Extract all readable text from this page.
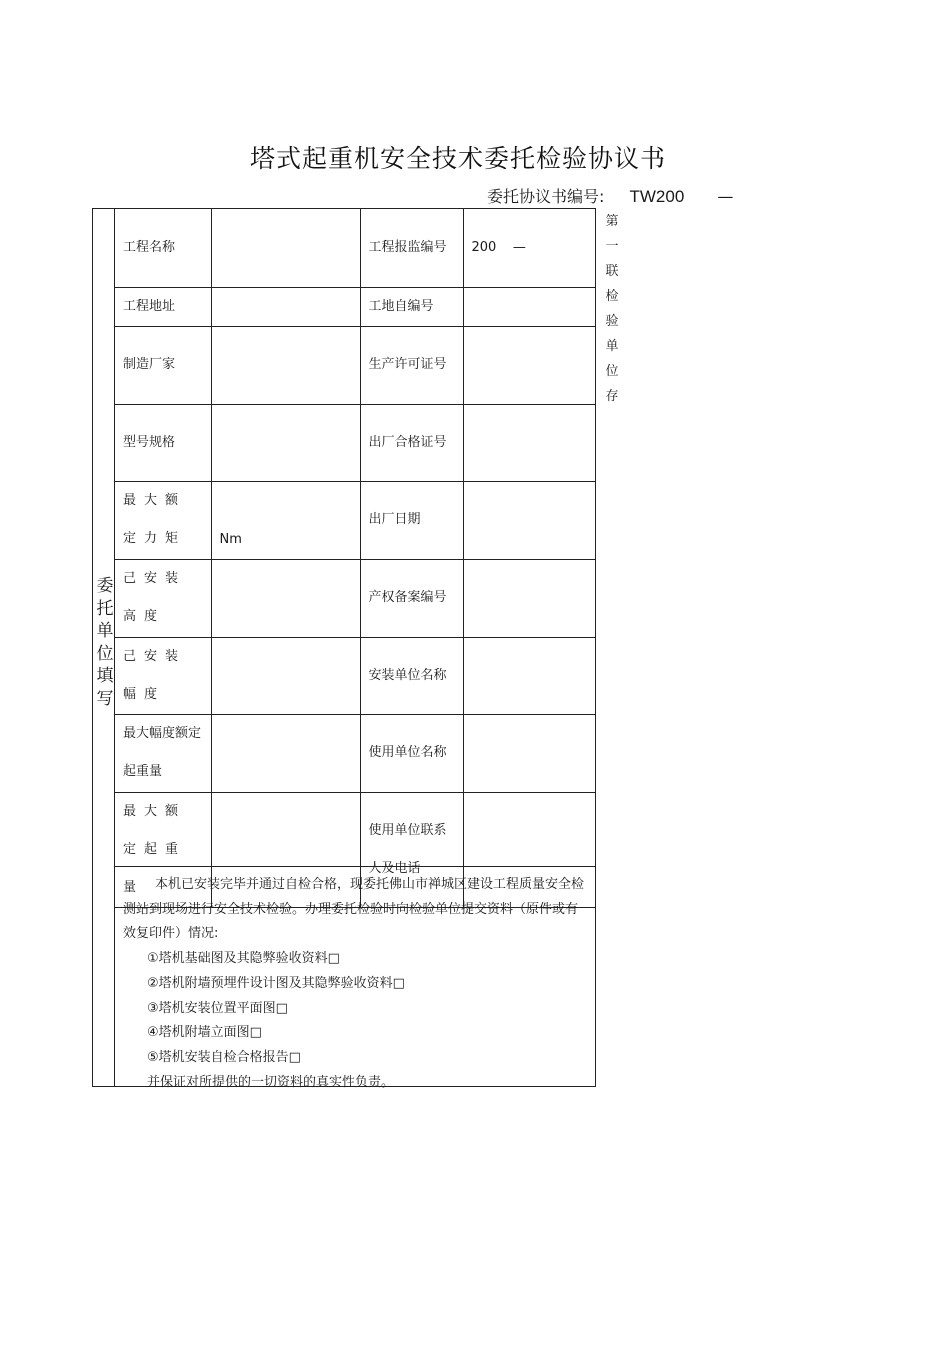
塔式起重机安全技术委托检验协议书
委托协议书编号: TW200 —
第一联检验单位存
委托单位填写
工程名称		工程报监编号	200    —
工程地址		工地自编号	
制造厂家		生产许可证号	
型号规格		出厂合格证号	
最大额定力矩	Nm	出厂日期	
己安装高度		产权备案编号	
己安装幅度		安装单位名称	
最大幅度额定起重量		使用单位名称	
最大额定起重量		使用单位联系人及电话	
本机已安装完毕并通过自检合格，现委托佛山市禅城区建设工程质量安全检测站到现场进行安全技术检验。办理委托检验时向检验单位提交资料（原件或有效复印件）情况:
①塔机基础图及其隐弊验收资料□
②塔机附墙预埋件设计图及其隐弊验收资料□
③塔机安装位置平面图□
④塔机附墙立面图□
⑤塔机安装自检合格报告□
并保证对所提供的一切资料的真实性负责。
